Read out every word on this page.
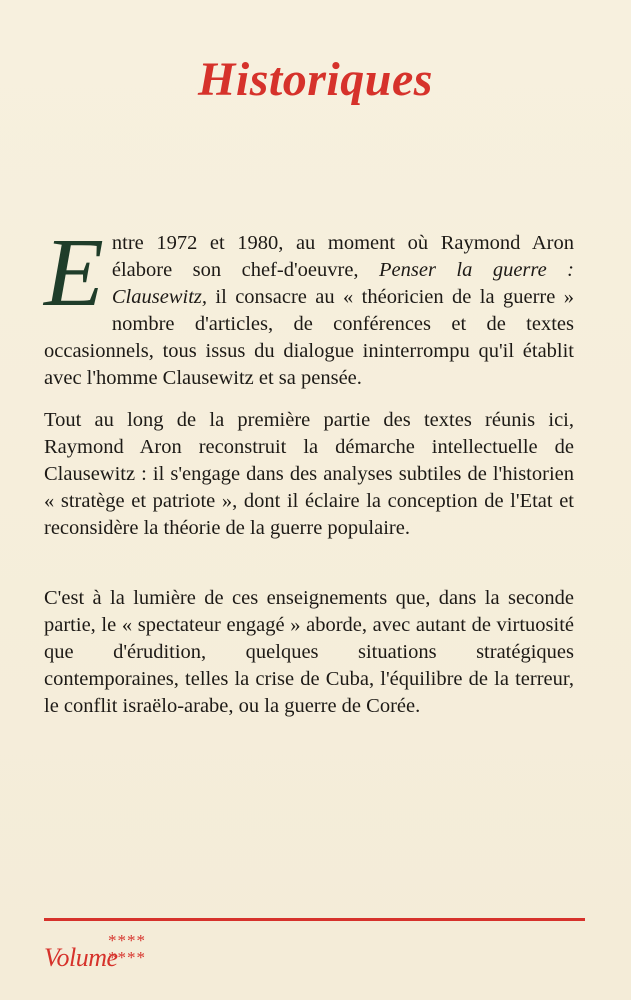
Historiques

Entre 1972 et 1980, au moment où Raymond Aron élabore son chef-d'oeuvre, Penser la guerre : Clausewitz, il consacre au « théoricien de la guerre » nombre d'articles, de conférences et de textes occasionnels, tous issus du dialogue ininterrompu qu'il établit avec l'homme Clausewitz et sa pensée.

Tout au long de la première partie des textes réunis ici, Raymond Aron reconstruit la démarche intellectuelle de Clausewitz : il s'engage dans des analyses subtiles de l'historien « stratège et patriote », dont il éclaire la conception de l'Etat et reconsidère la théorie de la guerre populaire.

C'est à la lumière de ces enseignements que, dans la seconde partie, le « spectateur engagé » aborde, avec autant de virtuosité que d'érudition, quelques situations stratégiques contemporaines, telles la crise de Cuba, l'équilibre de la terreur, le conflit israëlo-arabe, ou la guerre de Corée.

Volume
****
****
